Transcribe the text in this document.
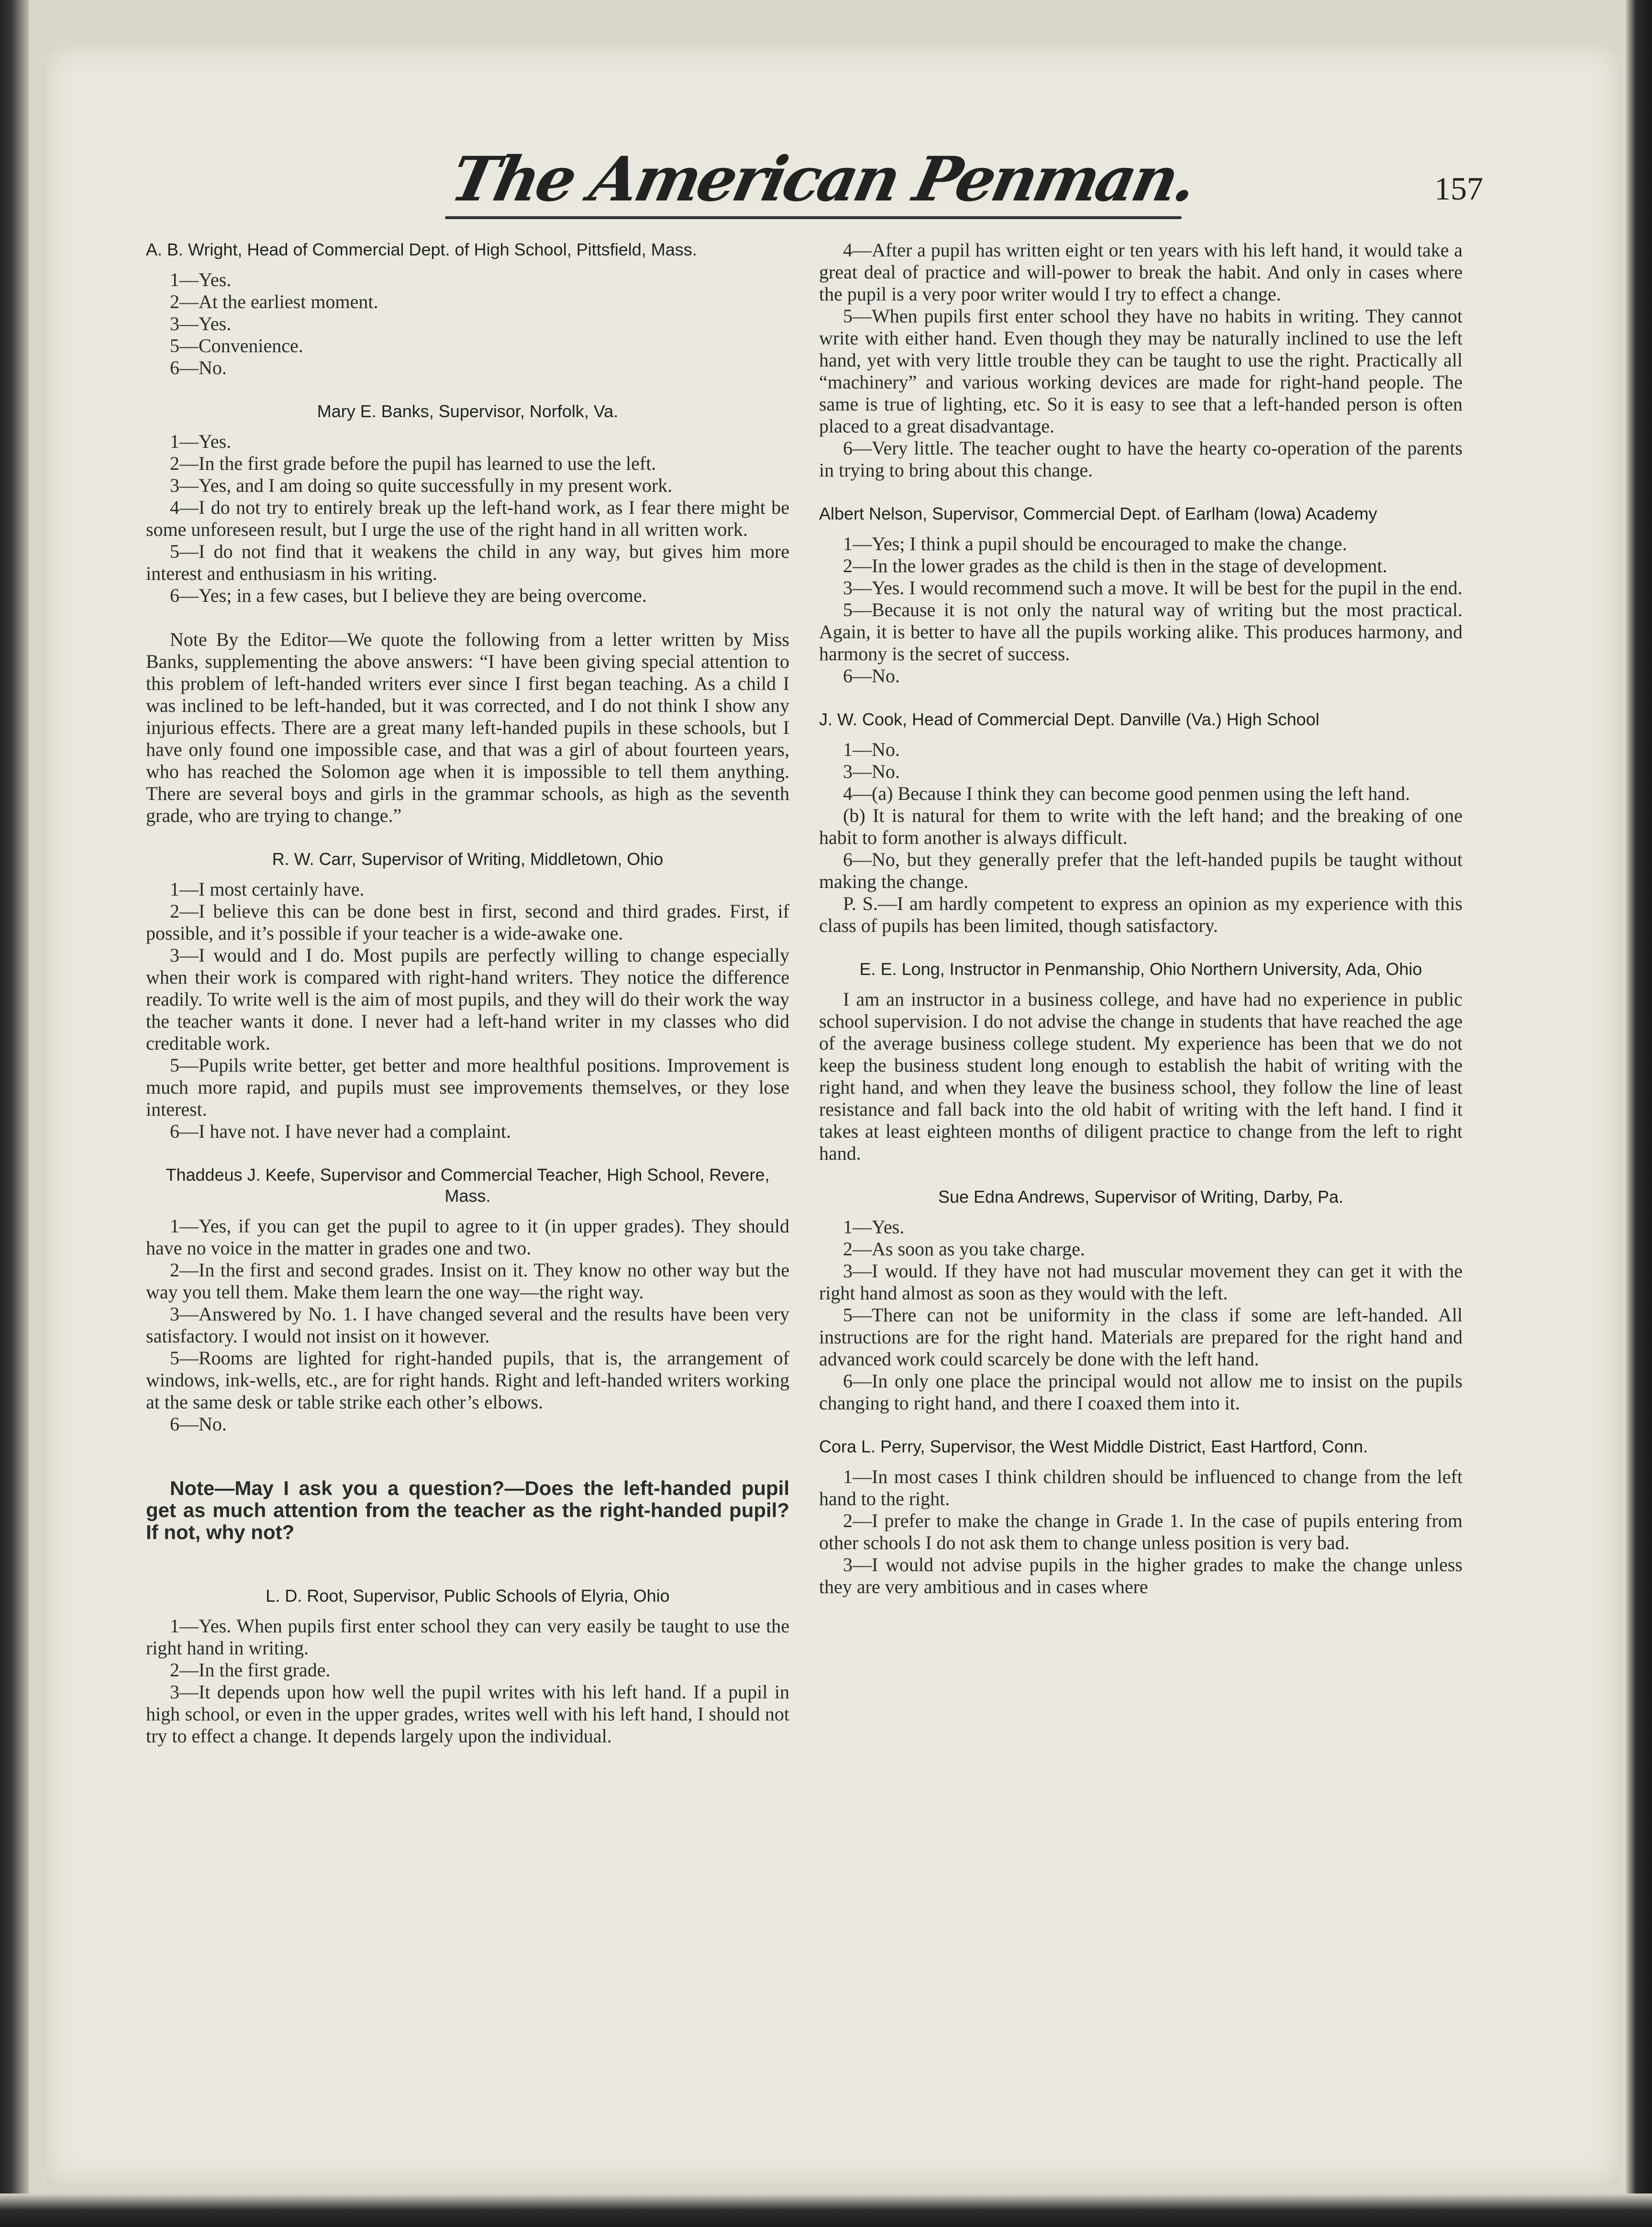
The American Penman.	157
A. B. Wright, Head of Commercial Dept. of High School, Pittsfield, Mass.

1—Yes.

2—At the earliest moment.

3—Yes.

5—Convenience.

6—No.

Mary E. Banks, Supervisor, Norfolk, Va.

1—Yes.

2—In the first grade before the pupil has learned to use the left.

3—Yes, and I am doing so quite successfully in my present work.

4—I do not try to entirely break up the left-hand work, as I fear there might be some unforeseen result, but I urge the use of the right hand in all written work.

5—I do not find that it weakens the child in any way, but gives him more interest and enthusiasm in his writing.

6—Yes; in a few cases, but I believe they are being overcome.

Note By the Editor—We quote the following from a letter written by Miss Banks, supplementing the above answers: “I have been giving special attention to this problem of left-handed writers ever since I first began teaching. As a child I was inclined to be left-handed, but it was corrected, and I do not think I show any injurious effects. There are a great many left-handed pupils in these schools, but I have only found one impossible case, and that was a girl of about fourteen years, who has reached the Solomon age when it is impossible to tell them anything. There are several boys and girls in the grammar schools, as high as the seventh grade, who are trying to change.”

R. W. Carr, Supervisor of Writing, Middletown, Ohio

1—I most certainly have.

2—I believe this can be done best in first, second and third grades. First, if possible, and it’s possible if your teacher is a wide-awake one.

3—I would and I do. Most pupils are perfectly willing to change especially when their work is compared with right-hand writers. They notice the difference readily. To write well is the aim of most pupils, and they will do their work the way the teacher wants it done. I never had a left-hand writer in my classes who did creditable work.

5—Pupils write better, get better and more healthful positions. Improvement is much more rapid, and pupils must see improvements themselves, or they lose interest.

6—I have not. I have never had a complaint.

Thaddeus J. Keefe, Supervisor and Commercial Teacher, High School, Revere, Mass.

1—Yes, if you can get the pupil to agree to it (in upper grades). They should have no voice in the matter in grades one and two.

2—In the first and second grades. Insist on it. They know no other way but the way you tell them. Make them learn the one way—the right way.

3—Answered by No. 1. I have changed several and the results have been very satisfactory. I would not insist on it however.

5—Rooms are lighted for right-handed pupils, that is, the arrangement of windows, ink-wells, etc., are for right hands. Right and left-handed writers working at the same desk or table strike each other’s elbows.

6—No.

Note—May I ask you a question?—Does the left-handed pupil get as much attention from the teacher as the right-handed pupil? If not, why not?

L. D. Root, Supervisor, Public Schools of Elyria, Ohio

1—Yes. When pupils first enter school they can very easily be taught to use the right hand in writing.

2—In the first grade.

3—It depends upon how well the pupil writes with his left hand. If a pupil in high school, or even in the upper grades, writes well with his left hand, I should not try to effect a change. It depends largely upon the individual.

4—After a pupil has written eight or ten years with his left hand, it would take a great deal of practice and will-power to break the habit. And only in cases where the pupil is a very poor writer would I try to effect a change.

5—When pupils first enter school they have no habits in writing. They cannot write with either hand. Even though they may be naturally inclined to use the left hand, yet with very little trouble they can be taught to use the right. Practically all “machinery” and various working devices are made for right-hand people. The same is true of lighting, etc. So it is easy to see that a left-handed person is often placed to a great disadvantage.

6—Very little. The teacher ought to have the hearty co-operation of the parents in trying to bring about this change.

Albert Nelson, Supervisor, Commercial Dept. of Earlham (Iowa) Academy

1—Yes; I think a pupil should be encouraged to make the change.

2—In the lower grades as the child is then in the stage of development.

3—Yes. I would recommend such a move. It will be best for the pupil in the end.

5—Because it is not only the natural way of writing but the most practical. Again, it is better to have all the pupils working alike. This produces harmony, and harmony is the secret of success.

6—No.

J. W. Cook, Head of Commercial Dept. Danville (Va.) High School

1—No.

3—No.

4—(a) Because I think they can become good penmen using the left hand.

(b) It is natural for them to write with the left hand; and the breaking of one habit to form another is always difficult.

6—No, but they generally prefer that the left-handed pupils be taught without making the change.

P. S.—I am hardly competent to express an opinion as my experience with this class of pupils has been limited, though satisfactory.

E. E. Long, Instructor in Penmanship, Ohio Northern University, Ada, Ohio

I am an instructor in a business college, and have had no experience in public school supervision. I do not advise the change in students that have reached the age of the average business college student. My experience has been that we do not keep the business student long enough to establish the habit of writing with the right hand, and when they leave the business school, they follow the line of least resistance and fall back into the old habit of writing with the left hand. I find it takes at least eighteen months of diligent practice to change from the left to right hand.

Sue Edna Andrews, Supervisor of Writing, Darby, Pa.

1—Yes.

2—As soon as you take charge.

3—I would. If they have not had muscular movement they can get it with the right hand almost as soon as they would with the left.

5—There can not be uniformity in the class if some are left-handed. All instructions are for the right hand. Materials are prepared for the right hand and advanced work could scarcely be done with the left hand.

6—In only one place the principal would not allow me to insist on the pupils changing to right hand, and there I coaxed them into it.

Cora L. Perry, Supervisor, the West Middle District, East Hartford, Conn.

1—In most cases I think children should be influenced to change from the left hand to the right.

2—I prefer to make the change in Grade 1. In the case of pupils entering from other schools I do not ask them to change unless position is very bad.

3—I would not advise pupils in the higher grades to make the change unless they are very ambitious and in cases where
